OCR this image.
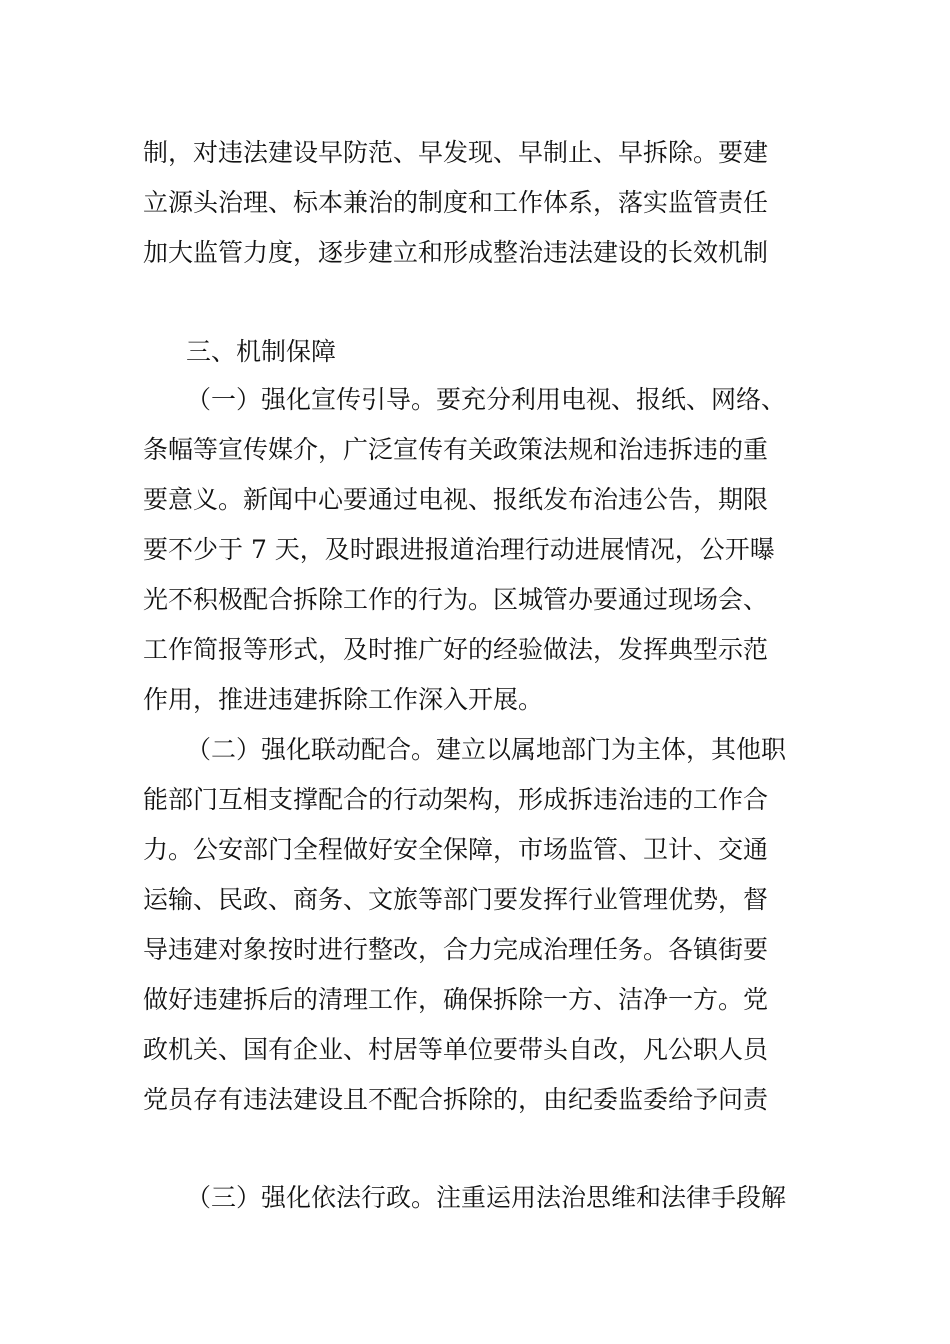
制，对违法建设早防范、早发现、早制止、早拆除。要建
立源头治理、标本兼治的制度和工作体系，落实监管责任
加大监管力度，逐步建立和形成整治违法建设的长效机制
三、机制保障
（一）强化宣传引导。要充分利用电视、报纸、网络、
条幅等宣传媒介，广泛宣传有关政策法规和治违拆违的重
要意义。新闻中心要通过电视、报纸发布治违公告，期限
要不少于 7 天，及时跟进报道治理行动进展情况，公开曝
光不积极配合拆除工作的行为。区城管办要通过现场会、
工作简报等形式，及时推广好的经验做法，发挥典型示范
作用，推进违建拆除工作深入开展。
（二）强化联动配合。建立以属地部门为主体，其他职
能部门互相支撑配合的行动架构，形成拆违治违的工作合
力。公安部门全程做好安全保障，市场监管、卫计、交通
运输、民政、商务、文旅等部门要发挥行业管理优势，督
导违建对象按时进行整改，合力完成治理任务。各镇街要
做好违建拆后的清理工作，确保拆除一方、洁净一方。党
政机关、国有企业、村居等单位要带头自改，凡公职人员
党员存有违法建设且不配合拆除的，由纪委监委给予问责
（三）强化依法行政。注重运用法治思维和法律手段解
